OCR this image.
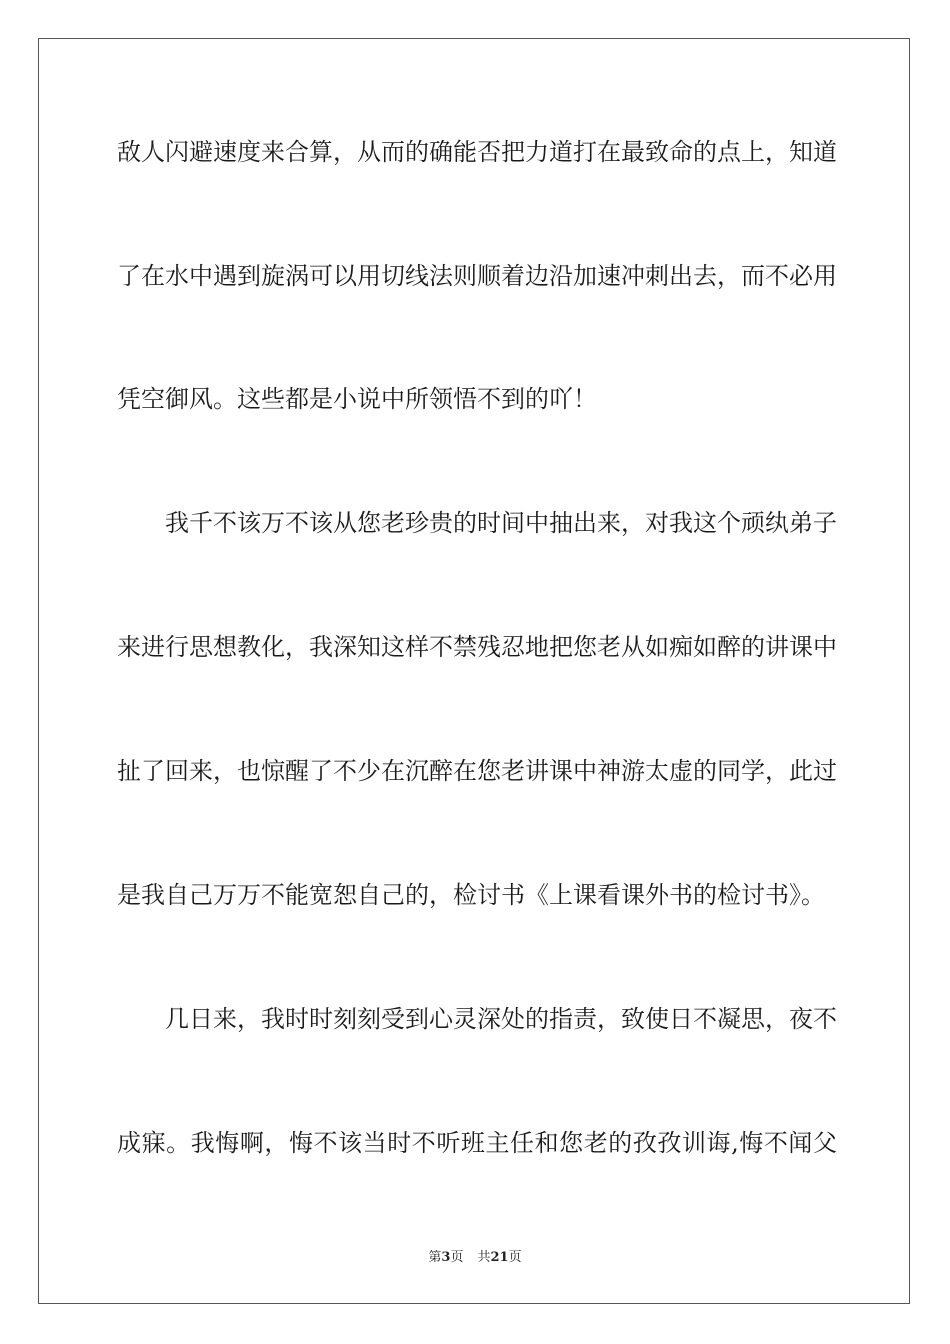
敌人闪避速度来合算，从而的确能否把力道打在最致命的点上，知道
了在水中遇到旋涡可以用切线法则顺着边沿加速冲刺出去，而不必用
凭空御风。这些都是小说中所领悟不到的吖！
我千不该万不该从您老珍贵的时间中抽出来，对我这个顽纨弟子
来进行思想教化，我深知这样不禁残忍地把您老从如痴如醉的讲课中
扯了回来，也惊醒了不少在沉醉在您老讲课中神游太虚的同学，此过
是我自己万万不能宽恕自己的，检讨书《上课看课外书的检讨书》。
几日来，我时时刻刻受到心灵深处的指责，致使日不凝思，夜不
成寐。我悔啊，悔不该当时不听班主任和您老的孜孜训诲,悔不闻父
第3页 共21页
